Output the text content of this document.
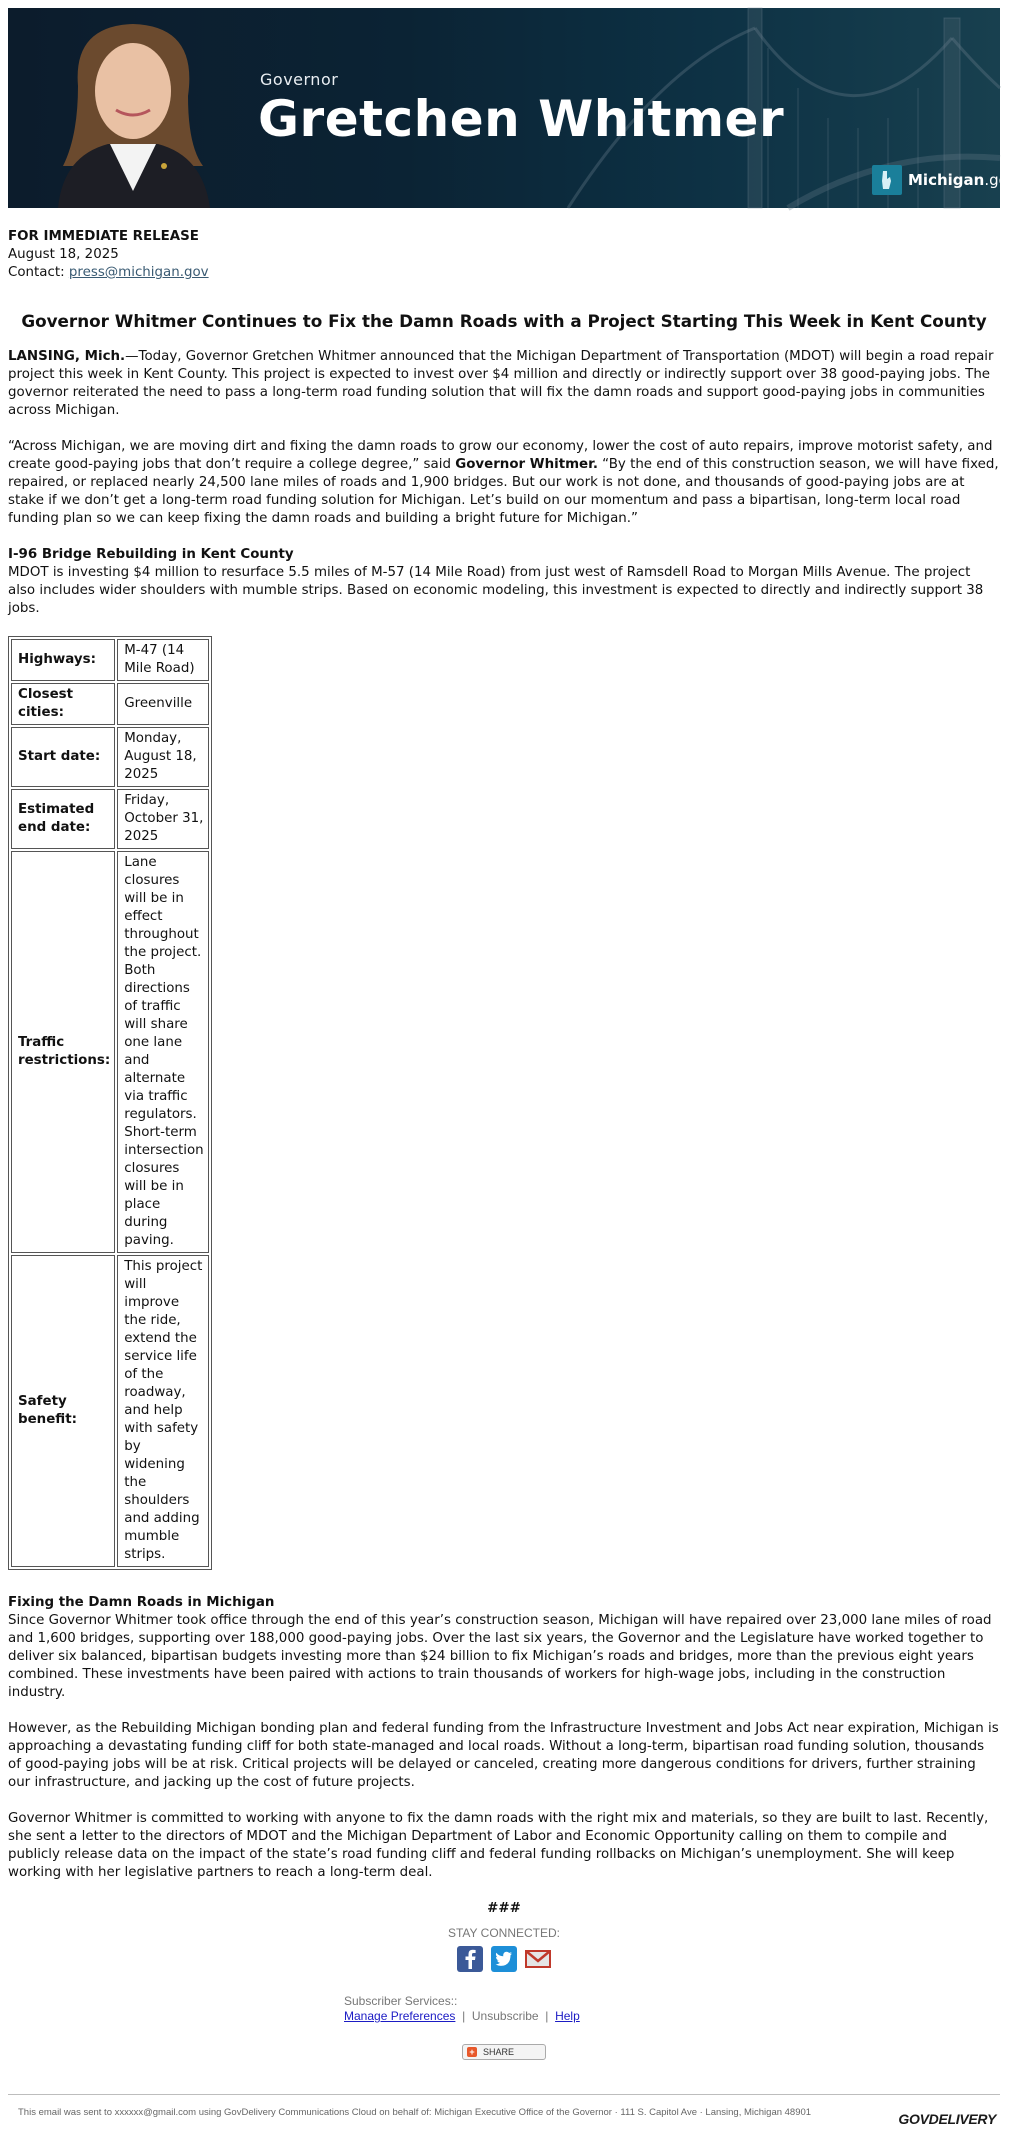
Governor
Gretchen Whitmer
Michigan.gov
FOR IMMEDIATE RELEASE
August 18, 2025
Contact: press@michigan.gov
Governor Whitmer Continues to Fix the Damn Roads with a Project Starting This Week in Kent County

LANSING, Mich.—Today, Governor Gretchen Whitmer announced that the Michigan Department of Transportation (MDOT) will begin a road repair project this week in Kent County. This project is expected to invest over $4 million and directly or indirectly support over 38 good-paying jobs. The governor reiterated the need to pass a long-term road funding solution that will fix the damn roads and support good-paying jobs in communities across Michigan.

“Across Michigan, we are moving dirt and fixing the damn roads to grow our economy, lower the cost of auto repairs, improve motorist safety, and create good-paying jobs that don’t require a college degree,” said Governor Whitmer. “By the end of this construction season, we will have fixed, repaired, or replaced nearly 24,500 lane miles of roads and 1,900 bridges. But our work is not done, and thousands of good-paying jobs are at stake if we don’t get a long-term road funding solution for Michigan. Let’s build on our momentum and pass a bipartisan, long-term local road funding plan so we can keep fixing the damn roads and building a bright future for Michigan.”

I-96 Bridge Rebuilding in Kent County
MDOT is investing $4 million to resurface 5.5 miles of M-57 (14 Mile Road) from just west of Ramsdell Road to Morgan Mills Avenue. The project also includes wider shoulders with mumble strips. Based on economic modeling, this investment is expected to directly and indirectly support 38 jobs.
Highways:	M-47 (14 Mile Road)
Closest cities:	Greenville
Start date:	Monday, August 18, 2025
Estimated end date:	Friday, October 31, 2025
Traffic restrictions:	Lane closures will be in effect throughout the project. Both directions of traffic will share one lane and alternate via traffic regulators. Short-term intersection closures will be in place during paving.
Safety benefit:	This project will improve the ride, extend the service life of the roadway, and help with safety by widening the shoulders and adding mumble strips.
Fixing the Damn Roads in Michigan

Since Governor Whitmer took office through the end of this year’s construction season, Michigan will have repaired over 23,000 lane miles of road and 1,600 bridges, supporting over 188,000 good-paying jobs. Over the last six years, the Governor and the Legislature have worked together to deliver six balanced, bipartisan budgets investing more than $24 billion to fix Michigan’s roads and bridges, more than the previous eight years combined. These investments have been paired with actions to train thousands of workers for high-wage jobs, including in the construction industry.

However, as the Rebuilding Michigan bonding plan and federal funding from the Infrastructure Investment and Jobs Act near expiration, Michigan is approaching a devastating funding cliff for both state-managed and local roads. Without a long-term, bipartisan road funding solution, thousands of good-paying jobs will be at risk. Critical projects will be delayed or canceled, creating more dangerous conditions for drivers, further straining our infrastructure, and jacking up the cost of future projects.

Governor Whitmer is committed to working with anyone to fix the damn roads with the right mix and materials, so they are built to last. Recently, she sent a letter to the directors of MDOT and the Michigan Department of Labor and Economic Opportunity calling on them to compile and publicly release data on the impact of the state’s road funding cliff and federal funding rollbacks on Michigan’s unemployment. She will keep working with her legislative partners to reach a long-term deal.

###
STAY CONNECTED:
Subscriber Services::
Manage Preferences  |  Unsubscribe  |  Help
+ SHARE
This email was sent to xxxxxx@gmail.com using GovDelivery Communications Cloud on behalf of: Michigan Executive Office of the Governor · 111 S. Capitol Ave · Lansing, Michigan 48901	GOVDELIVERY
